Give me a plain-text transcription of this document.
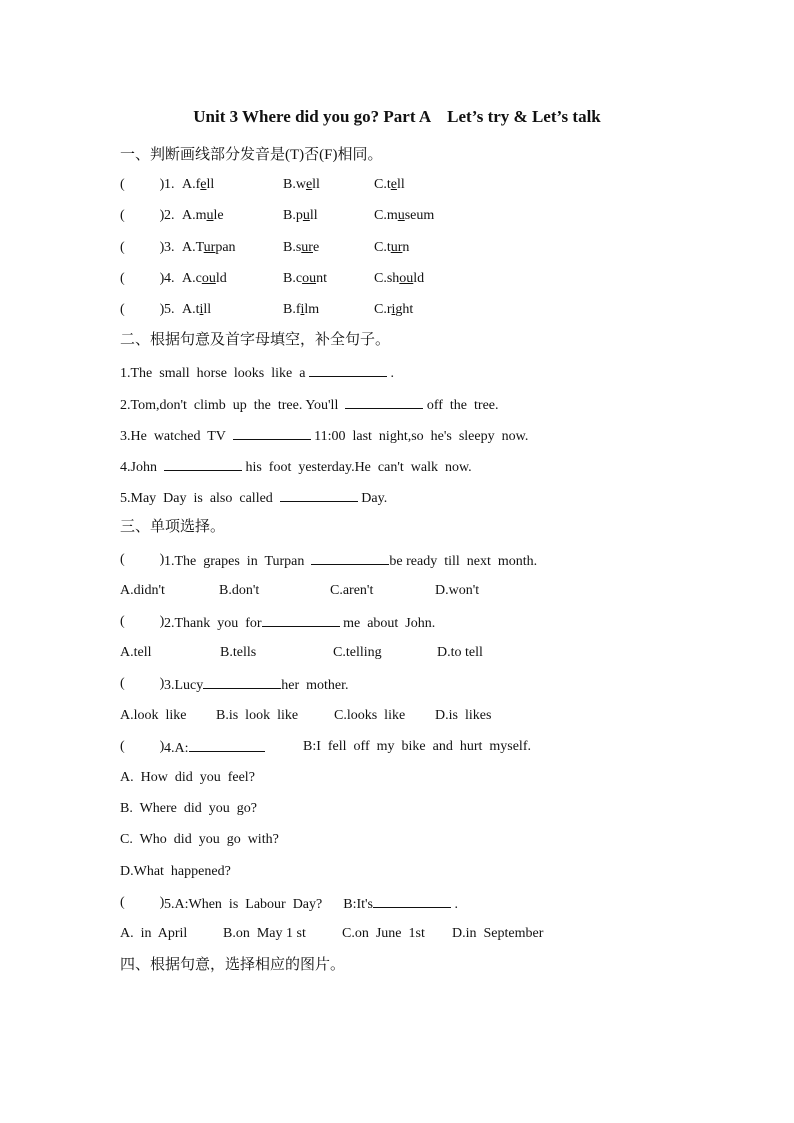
Unit 3 Where did you go? Part A    Let’s try & Let’s talk
一、判断画线部分发音是(T)否(F)相同。
(          ) 1. A.fell	B.well	C.tell
(          ) 2. A.mule	B.pull	C.museum
(          ) 3. A.Turpan	B.sure	C.turn
(          ) 4. A.could	B.count	C.should
(          ) 5. A.till	B.film	C.right
二、根据句意及首字母填空，补全句子。
1.The  small  horse  looks  like  a	.
2.Tom,don't  climb  up  the  tree. You'll	off  the  tree.
3.He  watched  TV	11:00  last  night,so  he's  sleepy  now.
4.John	his  foot  yesterday.He  can't  walk  now.
5.May  Day  is  also  called	Day.
三、单项选择。

(          )

1.The  grapes  in  Turpan	be ready  till  next  month.

A.didn't

	B.don't

	C.aren't

	D.won't

(          )

2.Thank  you  for	me  about  John.

A.tell

	B.tells

	C.telling

	D.to tell

(          )

3.Lucy	her  mother.

A.look  like

B.is  look  like

	C.looks  like

D.is  likes

(          )

4.A:

	B:I  fell  off  my  bike  and  hurt  myself.

A.  How  did  you  feel?
B.  Where  did  you  go?
C.  Who  did  you  go  with?
D.What  happened?

(          )

5.A:When  is  Labour  Day?      B:It's	.

A.  in  April

	B.on  May 1 st

	C.on  June  1st

D.in  September

四、根据句意，选择相应的图片。
